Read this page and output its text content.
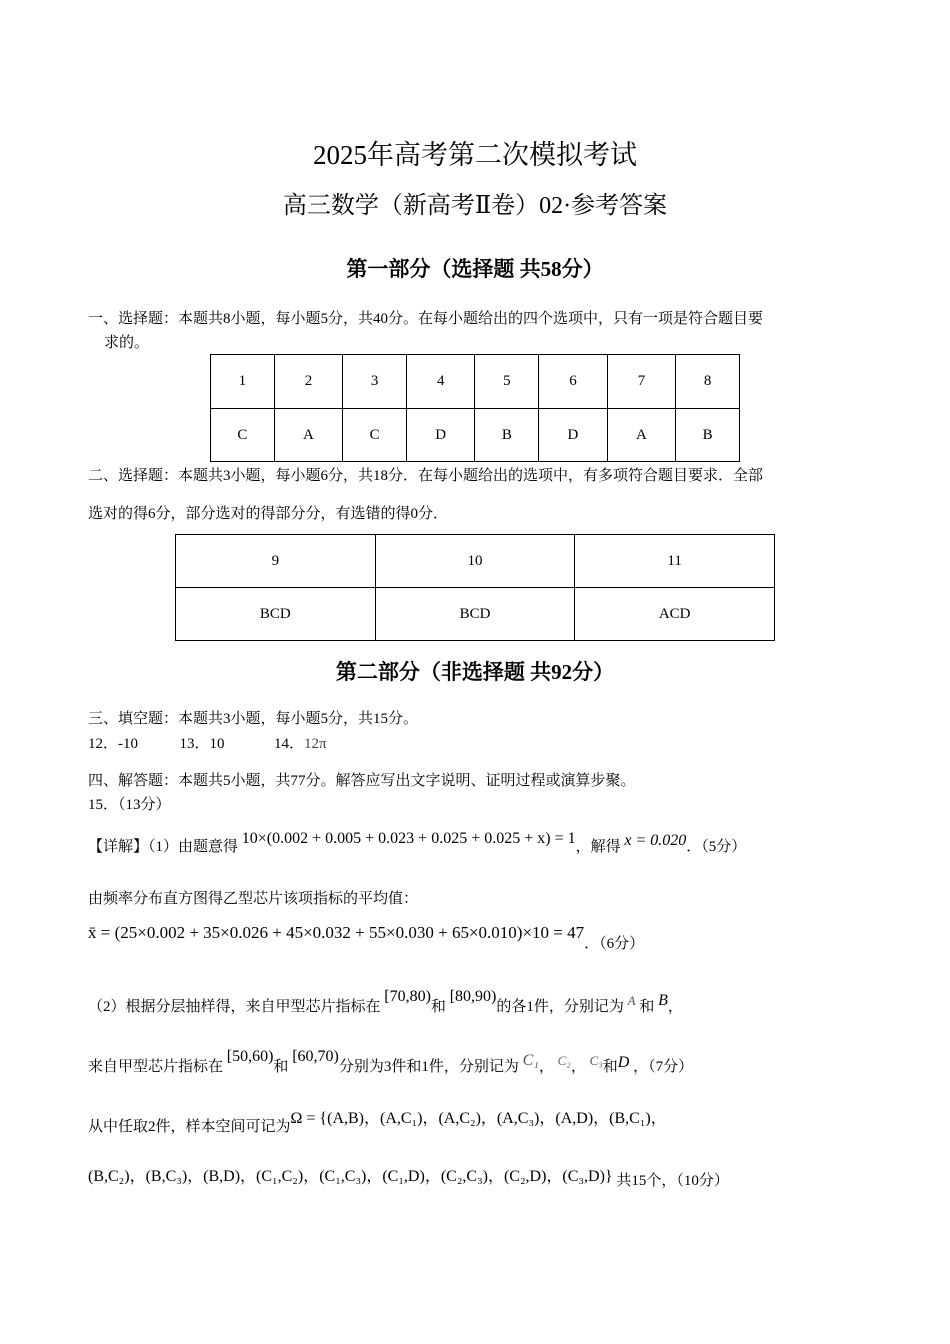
2025年高考第二次模拟考试
高三数学（新高考Ⅱ卷）02·参考答案
第一部分（选择题 共58分）
一、选择题：本题共8小题，每小题5分，共40分。在每小题给出的四个选项中，只有一项是符合题目要
求的。
1	2	3	4	5	6	7	8
C	A	C	D	B	D	A	B
二、选择题：本题共3小题，每小题6分，共18分．在每小题给出的选项中，有多项符合题目要求．全部
选对的得6分，部分选对的得部分分，有选错的得0分．
9	10	11
BCD	BCD	ACD
第二部分（非选择题 共92分）
三、填空题：本题共3小题，每小题5分，共15分。
12．-10	13．10	14．12π
四、解答题：本题共5小题，共77分。解答应写出文字说明、证明过程或演算步聚。
15．（13分）
【详解】（1）由题意得 10×(0.002 + 0.005 + 0.023 + 0.025 + 0.025 + x) = 1，解得 x = 0.020．（5分）
由频率分布直方图得乙型芯片该项指标的平均值：
x̄ = (25×0.002 + 35×0.026 + 45×0.032 + 55×0.030 + 65×0.010)×10 = 47．（6分）
（2）根据分层抽样得，来自甲型芯片指标在 [70,80)和 [80,90)的各1件，分别记为 A 和 B，
来自甲型芯片指标在 [50,60)和 [60,70)分别为3件和1件，分别记为 C₁， C₂， C₃和D ，（7分）
从中任取2件，样本空间可记为Ω = {(A,B)，(A,C₁)，(A,C₂)，(A,C₃)，(A,D)，(B,C₁)，
(B,C₂)，(B,C₃)，(B,D)，(C₁,C₂)，(C₁,C₃)，(C₁,D)，(C₂,C₃)，(C₂,D)，(C₃,D)} 共15个，（10分）
